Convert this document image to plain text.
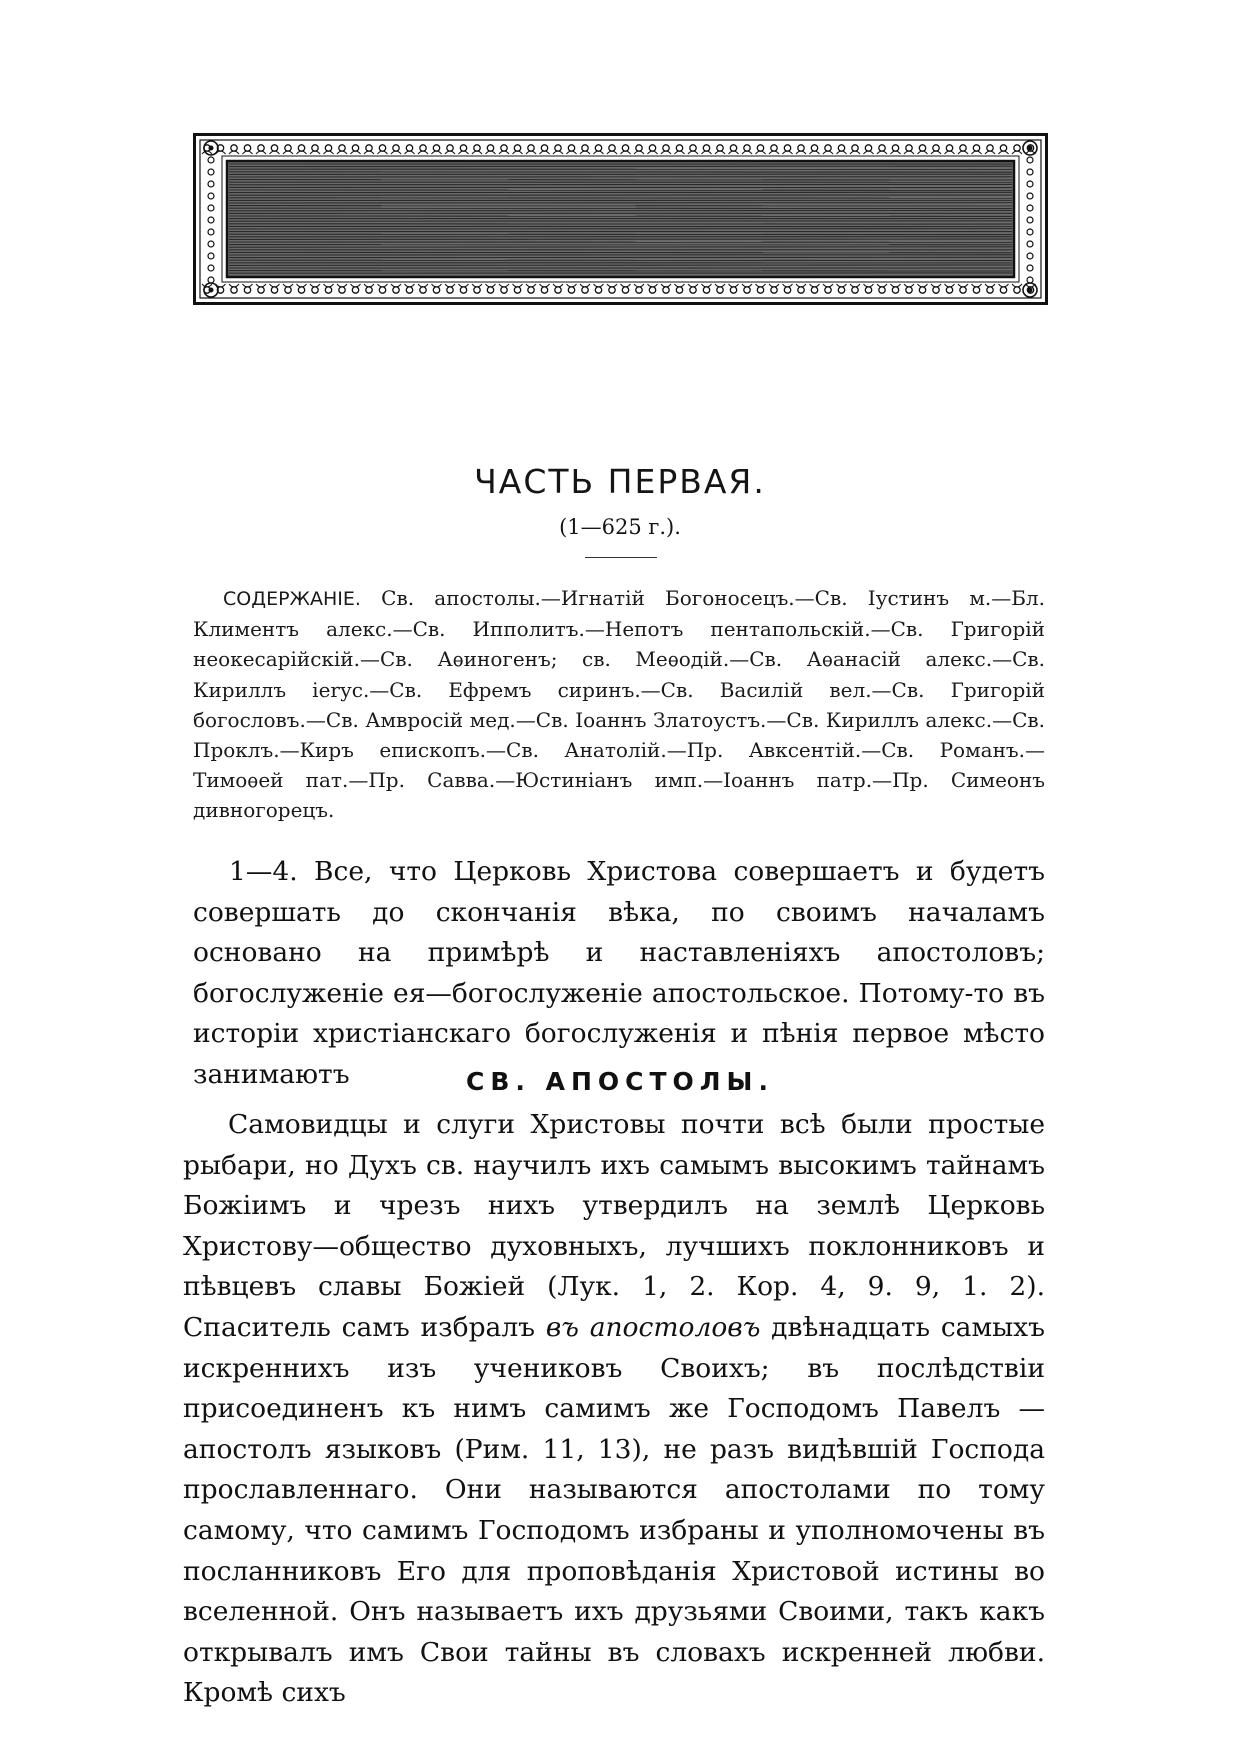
ЧАСТЬ ПЕРВАЯ.
(1—625 г.).
СОДЕРЖАНІЕ. Св. апостолы.—Игнатій Богоносецъ.—Св. Іустинъ м.—Бл. Климентъ алекс.—Св. Ипполитъ.—Непотъ пентапольскій.—Св. Григорій неокесарійскій.—Св. Аѳиногенъ; св. Меѳодій.—Св. Аѳанасій алекс.—Св. Кириллъ ierус.—Св. Ефремъ сиринъ.—Св. Василій вел.—Св. Григорій богословъ.—Св. Амвросій мед.—Св. Іоаннъ Златоустъ.—Св. Кириллъ алекс.—Св. Проклъ.—Киръ епископъ.—Св. Анатолій.—Пр. Авксентій.—Св. Романъ.—Тимоѳей пат.—Пр. Савва.—Юстиніанъ имп.—Іоаннъ патр.—Пр. Симеонъ дивногорецъ.
1—4. Все, что Церковь Христова совершаетъ и будетъ совершать до скончанія вѣка, по своимъ началамъ основано на примѣрѣ и наставленіяхъ апостоловъ; богослуженіе ея—богослуженіе апостольское. Потому-то въ исторіи христіанскаго богослуженія и пѣнія первое мѣсто занимаютъ	СВ. АПОСТОЛЫ.
Самовидцы и слуги Христовы почти всѣ были простые рыбари, но Духъ св. научилъ ихъ самымъ высокимъ тайнамъ Божіимъ и чрезъ нихъ утвердилъ на землѣ Церковь Христову—общество духовныхъ, лучшихъ поклонниковъ и пѣвцевъ славы Божіей (Лук. 1, 2. Кор. 4, 9. 9, 1. 2). Спаситель самъ избралъ въ апостоловъ двѣнадцать самыхъ искреннихъ изъ учениковъ Своихъ; въ послѣдствіи присоединенъ къ нимъ самимъ же Господомъ Павелъ — апостолъ языковъ (Рим. 11, 13), не разъ видѣвшій Господа прославленнаго. Они называются апостолами по тому самому, что самимъ Господомъ избраны и уполномочены въ посланниковъ Его для проповѣданія Христовой истины во вселенной. Онъ называетъ ихъ друзьями Своими, такъ какъ открывалъ имъ Свои тайны въ словахъ искренней любви. Кромѣ сихъ
